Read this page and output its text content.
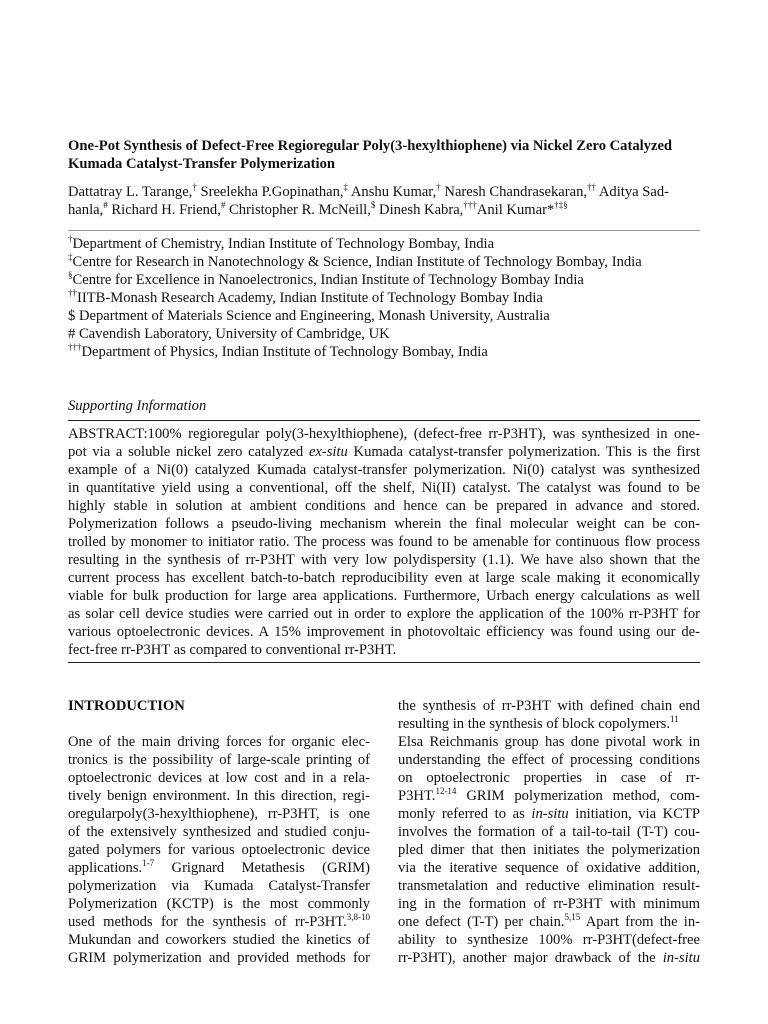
One-Pot Synthesis of Defect-Free Regioregular Poly(3-hexylthiophene) via Nickel Zero Catalyzed
Kumada Catalyst-Transfer Polymerization
Dattatray L. Tarange,† Sreelekha P.Gopinathan,‡ Anshu Kumar,† Naresh Chandrasekaran,†† Aditya Sad-
hanla,# Richard H. Friend,# Christopher R. McNeill,$ Dinesh Kabra,†††Anil Kumar*†‡§
†Department of Chemistry, Indian Institute of Technology Bombay, India
‡Centre for Research in Nanotechnology & Science, Indian Institute of Technology Bombay, India
§Centre for Excellence in Nanoelectronics, Indian Institute of Technology Bombay India
††IITB-Monash Research Academy, Indian Institute of Technology Bombay India
$ Department of Materials Science and Engineering, Monash University, Australia
# Cavendish Laboratory, University of Cambridge, UK
†††Department of Physics, Indian Institute of Technology Bombay, India
Supporting Information
ABSTRACT:100% regioregular poly(3-hexylthiophene), (defect-free rr-P3HT), was synthesized in one-
pot via a soluble nickel zero catalyzed ex-situ Kumada catalyst-transfer polymerization. This is the first
example of a Ni(0) catalyzed Kumada catalyst-transfer polymerization. Ni(0) catalyst was synthesized
in quantitative yield using a conventional, off the shelf, Ni(II) catalyst. The catalyst was found to be
highly stable in solution at ambient conditions and hence can be prepared in advance and stored.
Polymerization follows a pseudo-living mechanism wherein the final molecular weight can be con-
trolled by monomer to initiator ratio. The process was found to be amenable for continuous flow process
resulting in the synthesis of rr-P3HT with very low polydispersity (1.1). We have also shown that the
current process has excellent batch-to-batch reproducibility even at large scale making it economically
viable for bulk production for large area applications. Furthermore, Urbach energy calculations as well
as solar cell device studies were carried out in order to explore the application of the 100% rr-P3HT for
various optoelectronic devices. A 15% improvement in photovoltaic efficiency was found using our de-
fect-free rr-P3HT as compared to conventional rr-P3HT.
INTRODUCTION
One of the main driving forces for organic elec-
tronics is the possibility of large-scale printing of
optoelectronic devices at low cost and in a rela-
tively benign environment. In this direction, regi-
oregularpoly(3-hexylthiophene), rr-P3HT, is one
of the extensively synthesized and studied conju-
gated polymers for various optoelectronic device
applications.$^{1-7}$ Grignard Metathesis (GRIM)
polymerization via Kumada Catalyst-Transfer
Polymerization (KCTP) is the most commonly
used methods for the synthesis of rr-P3HT.$^{3,8-10}$
Mukundan and coworkers studied the kinetics of
GRIM polymerization and provided methods for
the synthesis of rr-P3HT with defined chain end
resulting in the synthesis of block copolymers.$^{11}$
Elsa Reichmanis group has done pivotal work in
understanding the effect of processing conditions
on optoelectronic properties in case of rr-
P3HT.$^{12-14}$ GRIM polymerization method, com-
monly referred to as in-situ initiation, via KCTP
involves the formation of a tail-to-tail (T-T) cou-
pled dimer that then initiates the polymerization
via the iterative sequence of oxidative addition,
transmetalation and reductive elimination result-
ing in the formation of rr-P3HT with minimum
one defect (T-T) per chain.$^{5,15}$ Apart from the in-
ability to synthesize 100% rr-P3HT(defect-free
rr-P3HT), another major drawback of the in-situ
